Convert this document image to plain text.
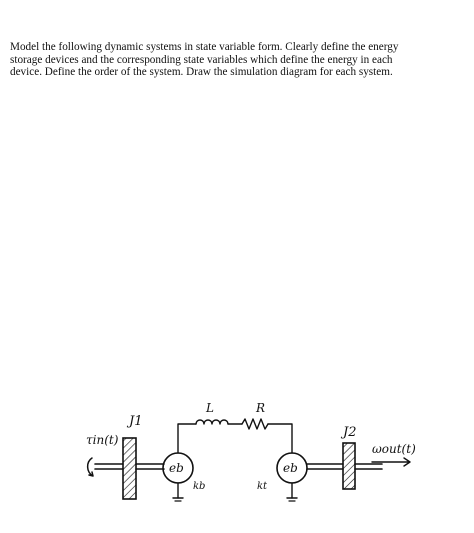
Model the following dynamic systems in state variable form. Clearly define the energy
storage devices and the corresponding state variables which define the energy in each
device. Define the order of the system. Draw the simulation diagram for each system.
τin(t)
J1
eb
kb
L	R
eb
kt
J2
ωout(t)
